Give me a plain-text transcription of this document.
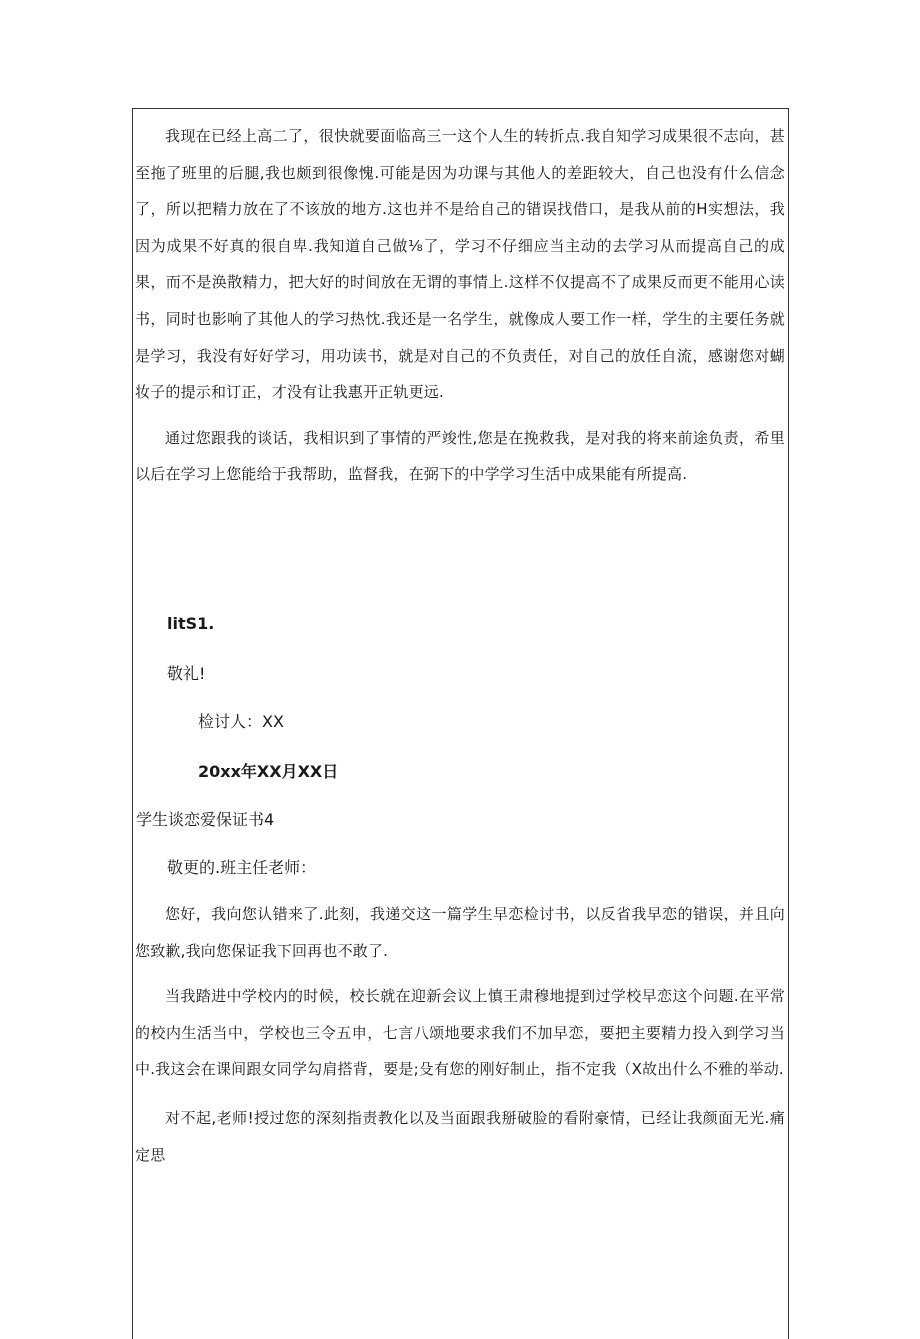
我现在已经上高二了，很快就要面临高三一这个人生的转折点.我自知学习成果很不志向，甚至拖了班里的后腿,我也颇到很像愧.可能是因为功课与其他人的差距较大，自己也没有什么信念了，所以把精力放在了不该放的地方.这也并不是给自己的错误找借口，是我从前的H实想法，我因为成果不好真的很自卑.我知道自己做⅛了，学习不仔细应当主动的去学习从而提高自己的成果，而不是涣散精力，把大好的时间放在无谓的事情上.这样不仅提高不了成果反而更不能用心读书，同时也影响了其他人的学习热忱.我还是一名学生，就像成人要工作一样，学生的主要任务就是学习，我没有好好学习，用功读书，就是对自己的不负责任，对自己的放任自流，感谢您对蝴妆子的提示和订正，才没有让我惠开正轨更远.

通过您跟我的谈话，我相识到了事情的严竣性,您是在挽救我，是对我的将来前途负责，希里以后在学习上您能给于我帮助，监督我，在弼下的中学学习生活中成果能有所提高.

litS1.

敬礼!

检讨人：XX

20xx年XX月XX日

学生谈恋爱保证书4

敬更的.班主任老师：

您好，我向您认错来了.此刻，我递交这一篇学生早恋检讨书，以反省我早恋的错误，并且向您致歉,我向您保证我下回再也不敢了.

当我踏进中学校内的时候，校长就在迎新会议上慎王肃穆地提到过学校早恋这个问题.在平常的校内生活当中，学校也三令五申，七言八颂地要求我们不加早恋，要把主要精力投入到学习当中.我这会在课间跟女同学勾肩搭背，要是;殳有您的刚好制止，指不定我（X故出什么不雅的举动.

对不起,老师!授过您的深刻指责教化以及当面跟我掰破脸的看附豪情，已经让我颜面无光.痛定思
